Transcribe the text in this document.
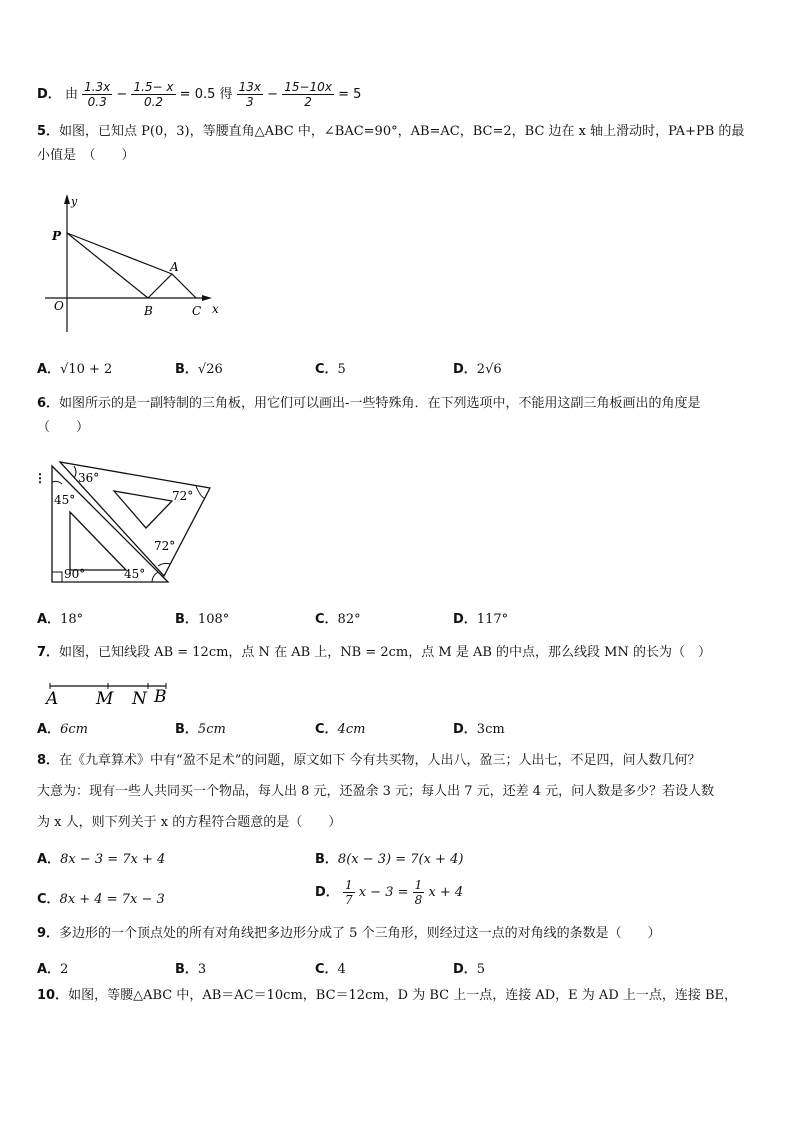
D． 由 $\frac{1.3x}{0.3} - \frac{1.5- x}{0.2} = 0.5$ 得 $\frac{13x}{3} - \frac{15-10x}{2} = 5$
5．如图，已知点 P(0，3)，等腰直角△ABC 中，∠BAC=90°，AB=AC，BC=2，BC 边在 x 轴上滑动时，PA+PB 的最
小值是　（　　）
y
x
P
O
A
B	C
A．√10 + 2	B．√26	C．5	D．2√6
6．如图所示的是一副特制的三角板，用它们可以画出-一些特殊角．在下列选项中，不能用这副三角板画出的角度是
（　　）
⋮	36°
45°	72°
72°
90°	45°
A．18°	B．108°	C．82°	D．117°
7．如图，已知线段 AB = 12cm，点 N 在 AB 上，NB = 2cm，点 M 是 AB 的中点，那么线段 MN 的长为（　）
A M N B
A．6cm	B．5cm	C．4cm	D．3cm
8．在《九章算术》中有“盈不足术”的问题，原文如下 今有共买物，人出八，盈三；人出七，不足四，问人数几何？
大意为：现有一些人共同买一个物品，每人出 8 元，还盈余 3 元；每人出 7 元，还差 4 元，问人数是多少？若设人数
为 x 人，则下列关于 x 的方程符合题意的是（　　）
A．8x − 3 = 7x + 4	B．8(x − 3) = 7(x + 4)
C．8x + 4 = 7x − 3	D． $\frac{1}{7}$ $x - 3 = \frac{1}{8}$ x + 4
9．多边形的一个顶点处的所有对角线把多边形分成了 5 个三角形，则经过这一点的对角线的条数是（　　）
A．2	B．3	C．4	D．5
10．如图，等腰△ABC 中，AB＝AC＝10cm，BC＝12cm，D 为 BC 上一点，连接 AD，E 为 AD 上一点，连接 BE，
